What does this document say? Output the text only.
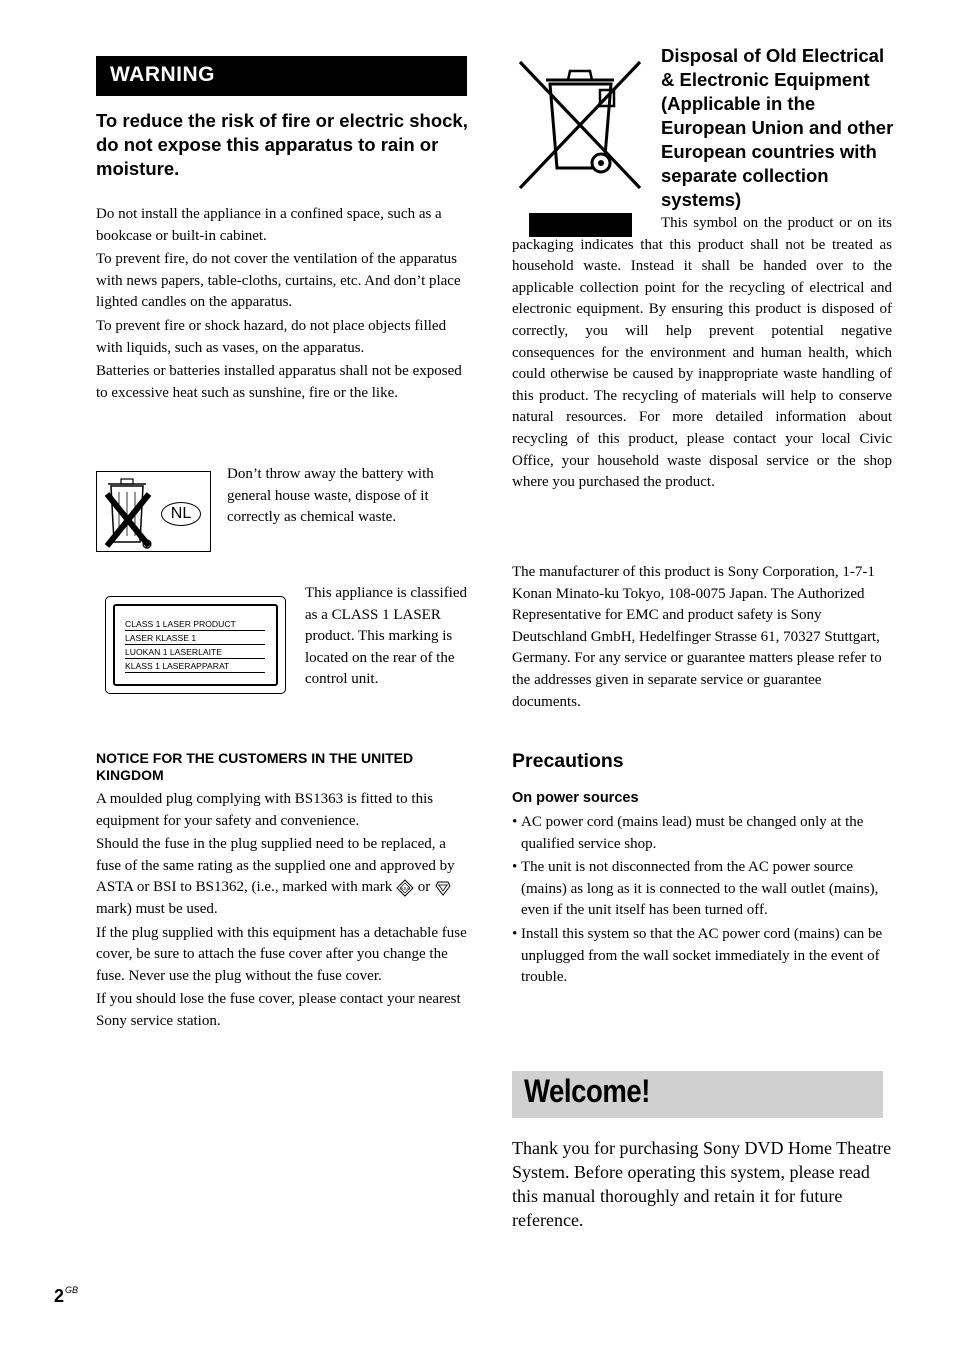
WARNING
To reduce the risk of fire or electric shock, do not expose this apparatus to rain or moisture.

Do not install the appliance in a confined space, such as a bookcase or built-in cabinet.

To prevent fire, do not cover the ventilation of the apparatus with news papers, table-cloths, curtains, etc. And don’t place lighted candles on the apparatus.

To prevent fire or shock hazard, do not place objects filled with liquids, such as vases, on the apparatus.

Batteries or batteries installed apparatus shall not be exposed to excessive heat such as sunshine, fire or the like.

NL
Don’t throw away the battery with general house waste, dispose of it correctly as chemical waste.
CLASS 1 LASER PRODUCT
LASER KLASSE 1
LUOKAN 1 LASERLAITE
KLASS 1 LASERAPPARAT
This appliance is classified as a CLASS 1 LASER product. This marking is located on the rear of the control unit.
NOTICE FOR THE CUSTOMERS IN THE UNITED KINGDOM

A moulded plug complying with BS1363 is fitted to this equipment for your safety and convenience.

Should the fuse in the plug supplied need to be replaced, a fuse of the same rating as the supplied one and approved by ASTA or BSI to BS1362, (i.e., marked with mark ASA or  mark) must be used.

If the plug supplied with this equipment has a detachable fuse cover, be sure to attach the fuse cover after you change the fuse. Never use the plug without the fuse cover.

If you should lose the fuse cover, please contact your nearest Sony service station.

Disposal of Old Electrical & Electronic Equipment (Applicable in the European Union and other European countries with separate collection systems)

This symbol on the product or on its packaging indicates that this product shall not be treated as household waste. Instead it shall be handed over to the applicable collection point for the recycling of electrical and electronic equipment. By ensuring this product is disposed of correctly, you will help prevent potential negative consequences for the environment and human health, which could otherwise be caused by inappropriate waste handling of this product. The recycling of materials will help to conserve natural resources. For more detailed information about recycling of this product, please contact your local Civic Office, your household waste disposal service or the shop where you purchased the product.

The manufacturer of this product is Sony Corporation, 1-7-1 Konan Minato-ku Tokyo, 108-0075 Japan. The Authorized Representative for EMC and product safety is Sony Deutschland GmbH, Hedelfinger Strasse 61, 70327 Stuttgart, Germany. For any service or guarantee matters please refer to the addresses given in separate service or guarantee documents.
Precautions
On power sources
• AC power cord (mains lead) must be changed only at the qualified service shop.
• The unit is not disconnected from the AC power source (mains) as long as it is connected to the wall outlet (mains), even if the unit itself has been turned off.
• Install this system so that the AC power cord (mains) can be unplugged from the wall socket immediately in the event of trouble.
Welcome!
Thank you for purchasing Sony DVD Home Theatre System. Before operating this system, please read this manual thoroughly and retain it for future reference.
$2^{GB}$
